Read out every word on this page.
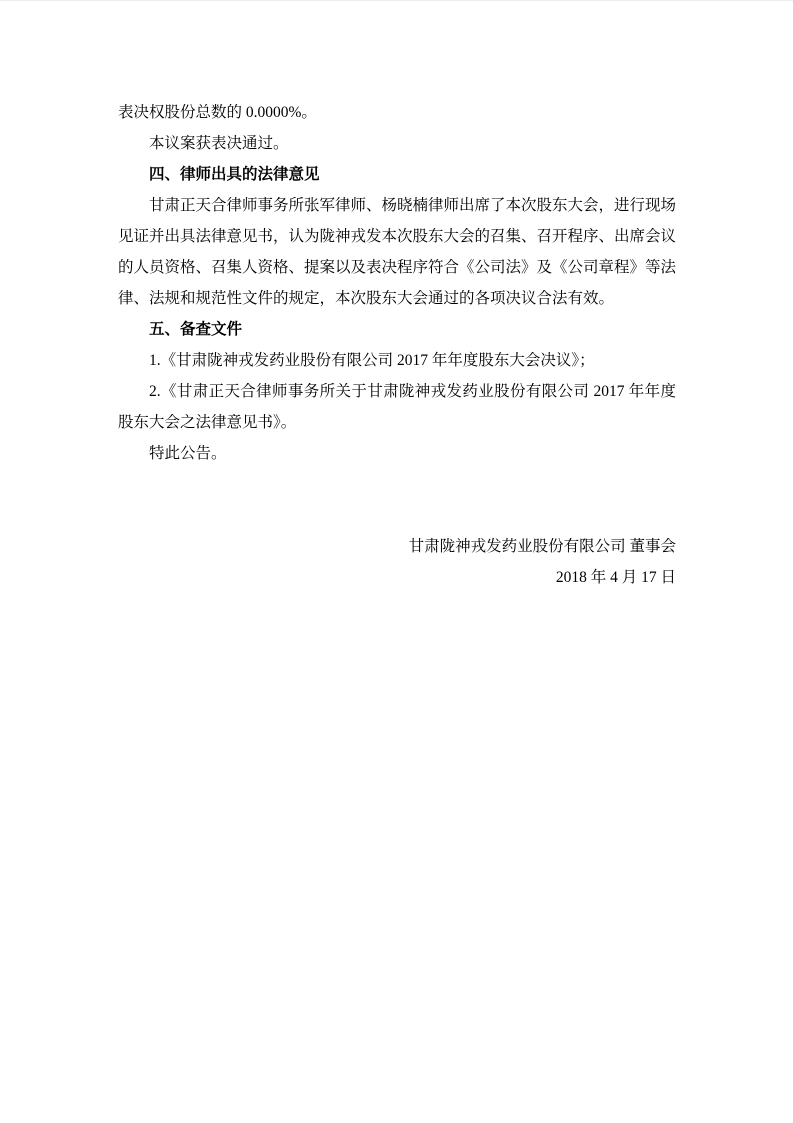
表决权股份总数的 0.0000%。

本议案获表决通过。

四、律师出具的法律意见

甘肃正天合律师事务所张军律师、杨晓楠律师出席了本次股东大会，进行现场见证并出具法律意见书，认为陇神戎发本次股东大会的召集、召开程序、出席会议的人员资格、召集人资格、提案以及表决程序符合《公司法》及《公司章程》等法律、法规和规范性文件的规定，本次股东大会通过的各项决议合法有效。

五、备查文件

1.《甘肃陇神戎发药业股份有限公司 2017 年年度股东大会决议》；

2.《甘肃正天合律师事务所关于甘肃陇神戎发药业股份有限公司 2017 年年度股东大会之法律意见书》。

特此公告。

甘肃陇神戎发药业股份有限公司 董事会

2018 年 4 月 17 日
